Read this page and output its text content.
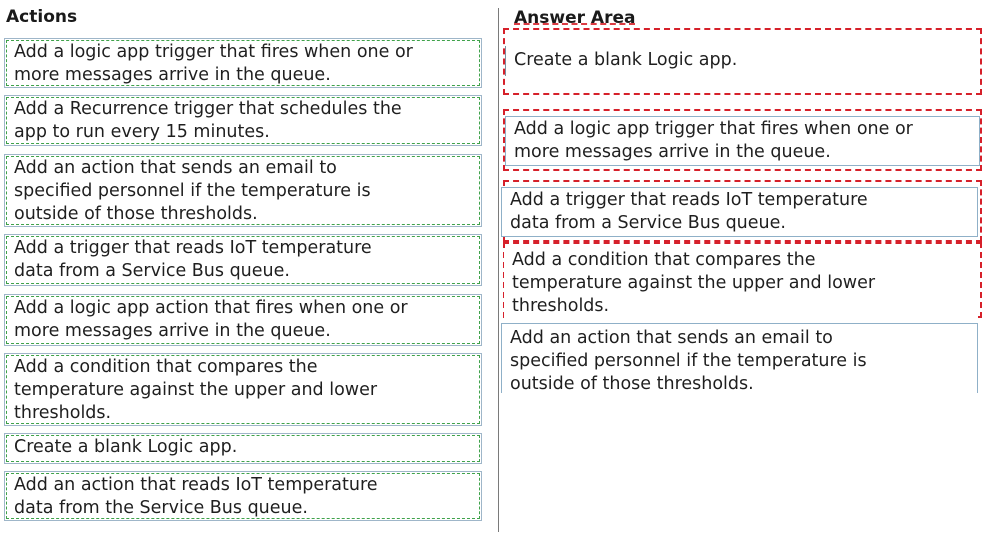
Actions
Add a logic app trigger that fires when one or more messages arrive in the queue.
Add a Recurrence trigger that schedules the app to run every 15 minutes.
Add an action that sends an email to specified personnel if the temperature is outside of those thresholds.
Add a trigger that reads IoT temperature data from a Service Bus queue.
Add a logic app action that fires when one or more messages arrive in the queue.
Add a condition that compares the temperature against the upper and lower thresholds.
Create a blank Logic app.
Add an action that reads IoT temperature data from the Service Bus queue.
Answer Area
Create a blank Logic app.
Add a logic app trigger that fires when one or more messages arrive in the queue.
Add a trigger that reads IoT temperature data from a Service Bus queue.
Add a condition that compares the temperature against the upper and lower thresholds.
Add an action that sends an email to specified personnel if the temperature is outside of those thresholds.
